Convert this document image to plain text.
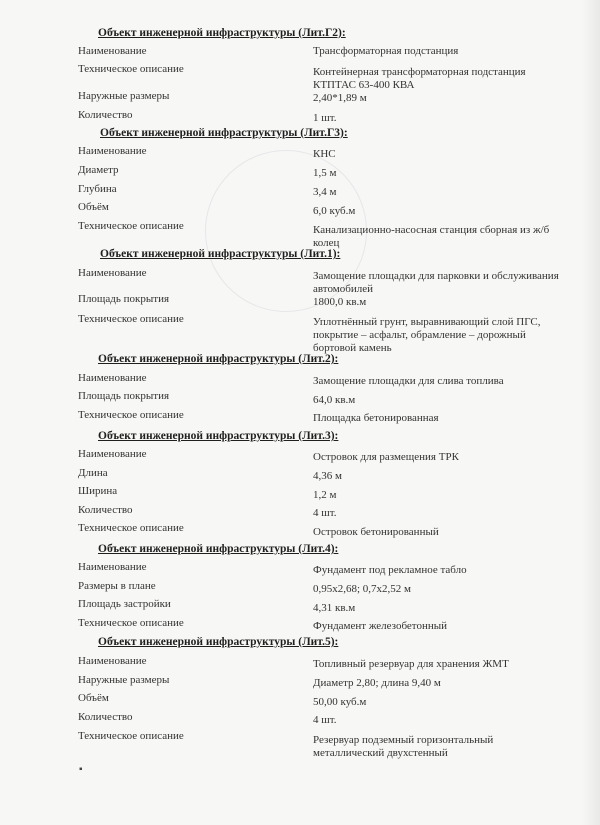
Объект инженерной инфраструктуры (Лит.Г2):
Наименование	Трансформаторная подстанция
Техническое описание	Контейнерная трансформаторная подстанция КТПТАС 63-400 КВА
Наружные размеры	2,40*1,89 м
Количество	1 шт.
Объект инженерной инфраструктуры (Лит.Г3):
Наименование	КНС
Диаметр	1,5 м
Глубина	3,4 м
Объём	6,0 куб.м
Техническое описание	Канализационно-насосная станция сборная из ж/б колец
Объект инженерной инфраструктуры (Лит.1):
Наименование	Замощение площадки для парковки и обслуживания автомобилей
Площадь покрытия	1800,0 кв.м
Техническое описание	Уплотнённый грунт, выравнивающий слой ПГС, покрытие – асфальт, обрамление – дорожный бортовой камень
Объект инженерной инфраструктуры (Лит.2):
Наименование	Замощение площадки для слива топлива
Площадь покрытия	64,0 кв.м
Техническое описание	Площадка бетонированная
Объект инженерной инфраструктуры (Лит.3):
Наименование	Островок для размещения ТРК
Длина	4,36 м
Ширина	1,2 м
Количество	4 шт.
Техническое описание	Островок бетонированный
Объект инженерной инфраструктуры (Лит.4):
Наименование	Фундамент под рекламное табло
Размеры в плане	0,95х2,68; 0,7х2,52 м
Площадь застройки	4,31 кв.м
Техническое описание	Фундамент железобетонный
Объект инженерной инфраструктуры (Лит.5):
Наименование	Топливный резервуар для хранения ЖМТ
Наружные размеры	Диаметр 2,80; длина 9,40 м
Объём	50,00 куб.м
Количество	4 шт.
Техническое описание	Резервуар подземный горизонтальный металлический двухстенный
▪
